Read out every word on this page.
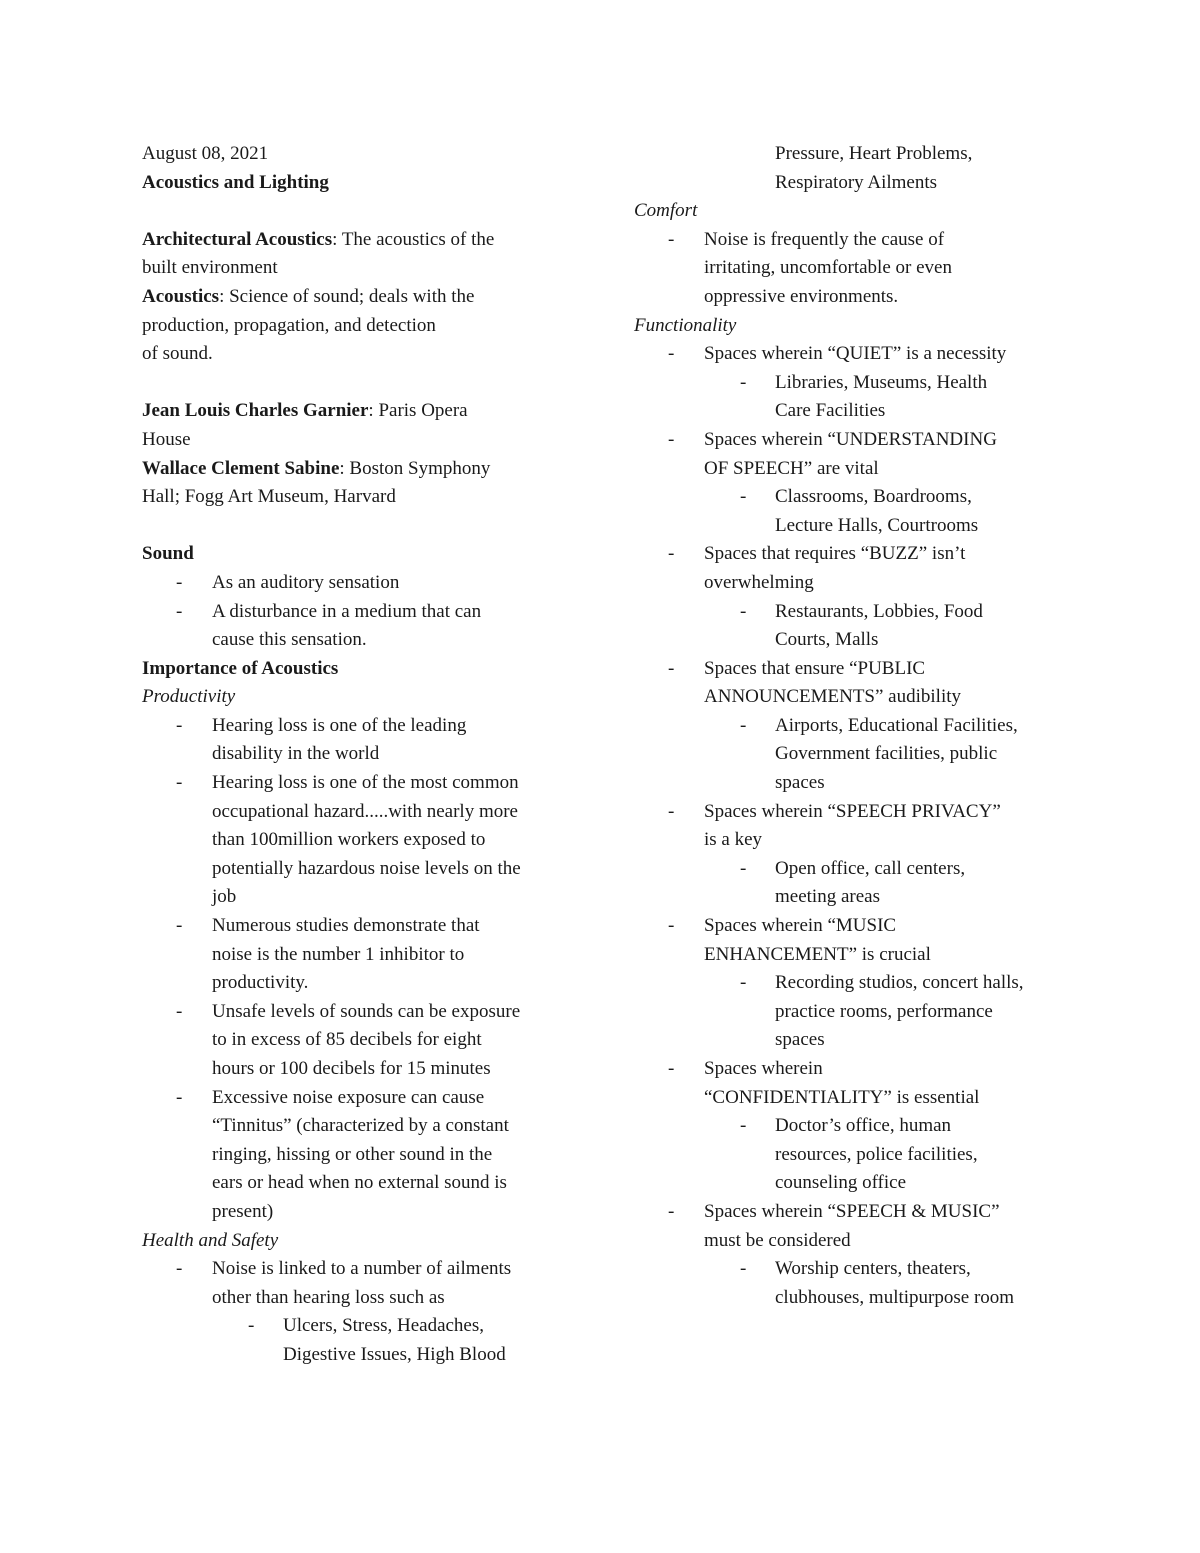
August 08, 2021
Acoustics and Lighting
Architectural Acoustics: The acoustics of the
built environment
Acoustics: Science of sound; deals with the
production, propagation, and detection
of sound.
Jean Louis Charles Garnier: Paris Opera
House
Wallace Clement Sabine: Boston Symphony
Hall; Fogg Art Museum, Harvard
Sound
- As an auditory sensation
- A disturbance in a medium that can
cause this sensation.
Importance of Acoustics
Productivity
- Hearing loss is one of the leading
disability in the world
- Hearing loss is one of the most common
occupational hazard.....with nearly more
than 100million workers exposed to
potentially hazardous noise levels on the
job
- Numerous studies demonstrate that
noise is the number 1 inhibitor to
productivity.
- Unsafe levels of sounds can be exposure
to in excess of 85 decibels for eight
hours or 100 decibels for 15 minutes
- Excessive noise exposure can cause
“Tinnitus” (characterized by a constant
ringing, hissing or other sound in the
ears or head when no external sound is
present)
Health and Safety
- Noise is linked to a number of ailments
other than hearing loss such as
- Ulcers, Stress, Headaches,
Digestive Issues, High Blood
Pressure, Heart Problems,
Respiratory Ailments
Comfort
- Noise is frequently the cause of
irritating, uncomfortable or even
oppressive environments.
Functionality
- Spaces wherein “QUIET” is a necessity
- Libraries, Museums, Health
Care Facilities
- Spaces wherein “UNDERSTANDING
OF SPEECH” are vital
- Classrooms, Boardrooms,
Lecture Halls, Courtrooms
- Spaces that requires “BUZZ” isn’t
overwhelming
- Restaurants, Lobbies, Food
Courts, Malls
- Spaces that ensure “PUBLIC
ANNOUNCEMENTS” audibility
- Airports, Educational Facilities,
Government facilities, public
spaces
- Spaces wherein “SPEECH PRIVACY”
is a key
- Open office, call centers,
meeting areas
- Spaces wherein “MUSIC
ENHANCEMENT” is crucial
- Recording studios, concert halls,
practice rooms, performance
spaces
- Spaces wherein
“CONFIDENTIALITY” is essential
- Doctor’s office, human
resources, police facilities,
counseling office
- Spaces wherein “SPEECH & MUSIC”
must be considered
- Worship centers, theaters,
clubhouses, multipurpose room
